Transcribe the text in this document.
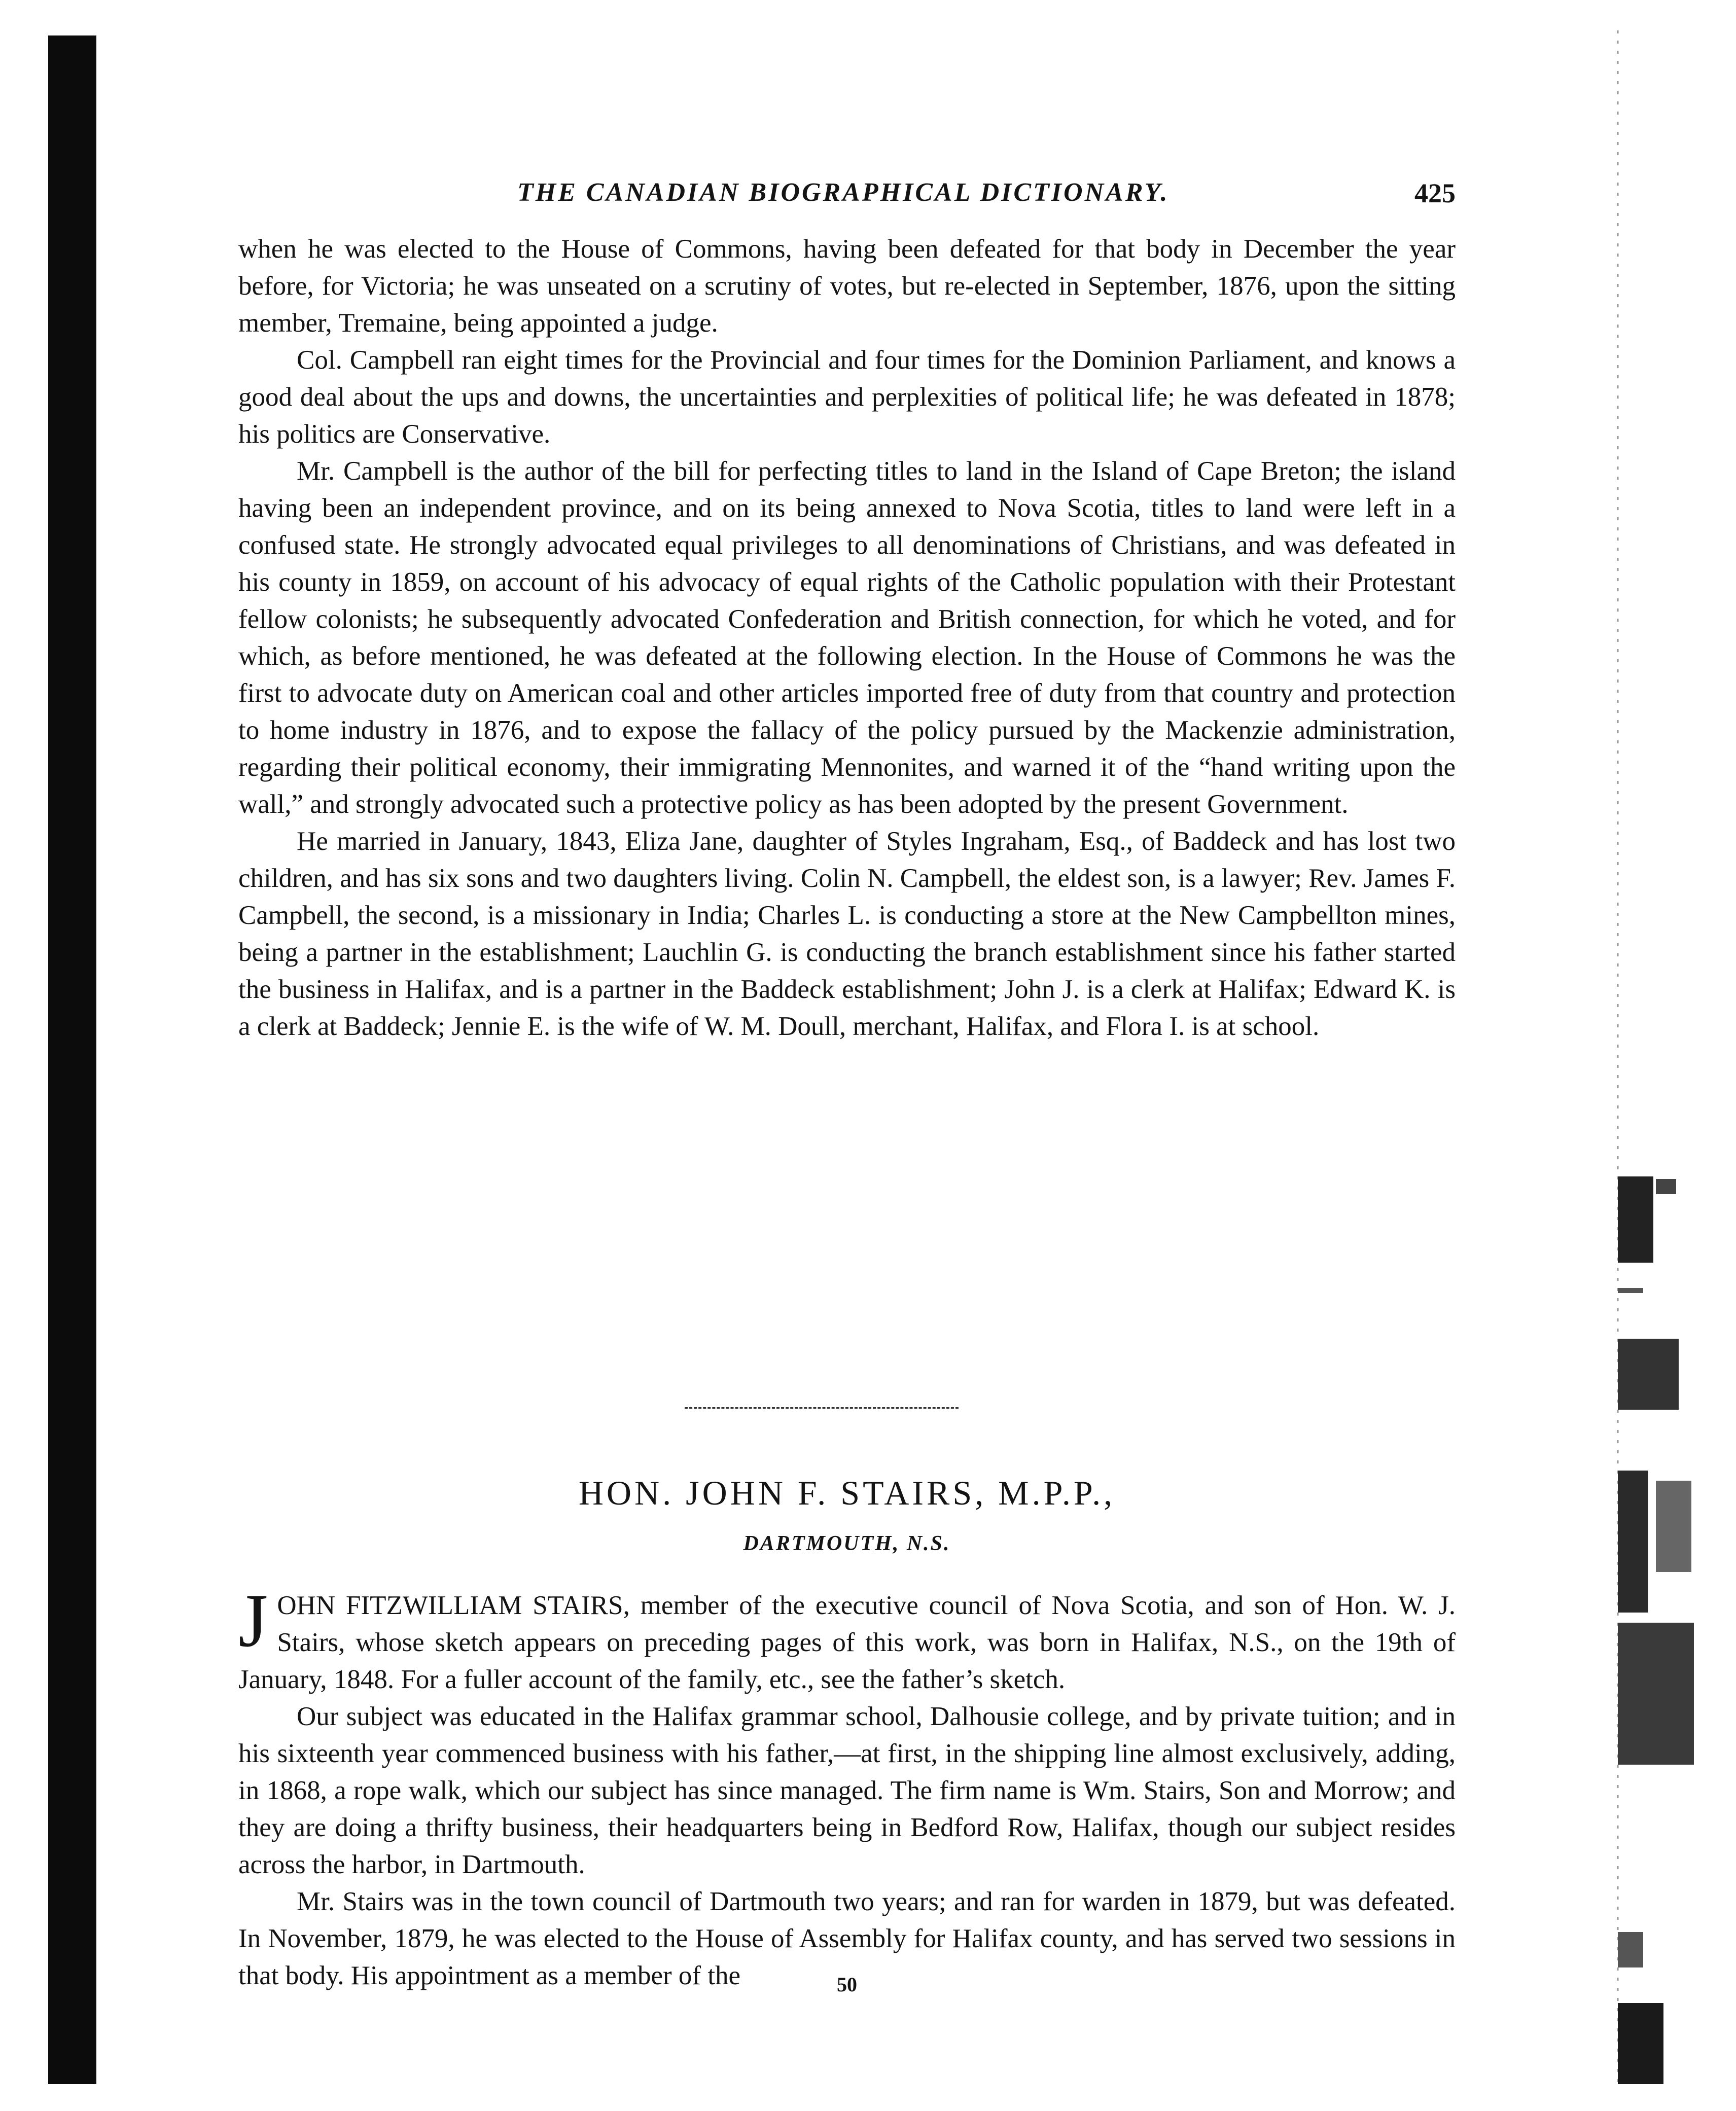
THE CANADIAN BIOGRAPHICAL DICTIONARY.	425

when he was elected to the House of Commons, having been defeated for that body in December the year before, for Victoria; he was unseated on a scrutiny of votes, but re-elected in September, 1876, upon the sitting member, Tremaine, being appointed a judge.

Col. Campbell ran eight times for the Provincial and four times for the Dominion Parliament, and knows a good deal about the ups and downs, the uncertainties and perplexities of political life; he was defeated in 1878; his politics are Conservative.

Mr. Campbell is the author of the bill for perfecting titles to land in the Island of Cape Breton; the island having been an independent province, and on its being annexed to Nova Scotia, titles to land were left in a confused state. He strongly advocated equal privileges to all denominations of Christians, and was defeated in his county in 1859, on account of his advocacy of equal rights of the Catholic population with their Protestant fellow colonists; he subsequently advocated Confederation and British connection, for which he voted, and for which, as before mentioned, he was defeated at the following election. In the House of Commons he was the first to advocate duty on American coal and other articles imported free of duty from that country and protection to home industry in 1876, and to expose the fallacy of the policy pursued by the Mackenzie administration, regarding their political economy, their immigrating Mennonites, and warned it of the “hand writing upon the wall,” and strongly advocated such a protective policy as has been adopted by the present Government.

He married in January, 1843, Eliza Jane, daughter of Styles Ingraham, Esq., of Baddeck and has lost two children, and has six sons and two daughters living. Colin N. Campbell, the eldest son, is a lawyer; Rev. James F. Campbell, the second, is a missionary in India; Charles L. is conducting a store at the New Campbellton mines, being a partner in the establishment; Lauchlin G. is conducting the branch establishment since his father started the business in Halifax, and is a partner in the Baddeck establishment; John J. is a clerk at Halifax; Edward K. is a clerk at Baddeck; Jennie E. is the wife of W. M. Doull, merchant, Halifax, and Flora I. is at school.

HON. JOHN F. STAIRS, M.P.P.,
DARTMOUTH, N.S.

JOHN FITZWILLIAM STAIRS, member of the executive council of Nova Scotia, and son of Hon. W. J. Stairs, whose sketch appears on preceding pages of this work, was born in Halifax, N.S., on the 19th of January, 1848. For a fuller account of the family, etc., see the father’s sketch.

Our subject was educated in the Halifax grammar school, Dalhousie college, and by private tuition; and in his sixteenth year commenced business with his father,—at first, in the shipping line almost exclusively, adding, in 1868, a rope walk, which our subject has since managed. The firm name is Wm. Stairs, Son and Morrow; and they are doing a thrifty business, their headquarters being in Bedford Row, Halifax, though our subject resides across the harbor, in Dartmouth.

Mr. Stairs was in the town council of Dartmouth two years; and ran for warden in 1879, but was defeated. In November, 1879, he was elected to the House of Assembly for Halifax county, and has served two sessions in that body. His appointment as a member of the	50
